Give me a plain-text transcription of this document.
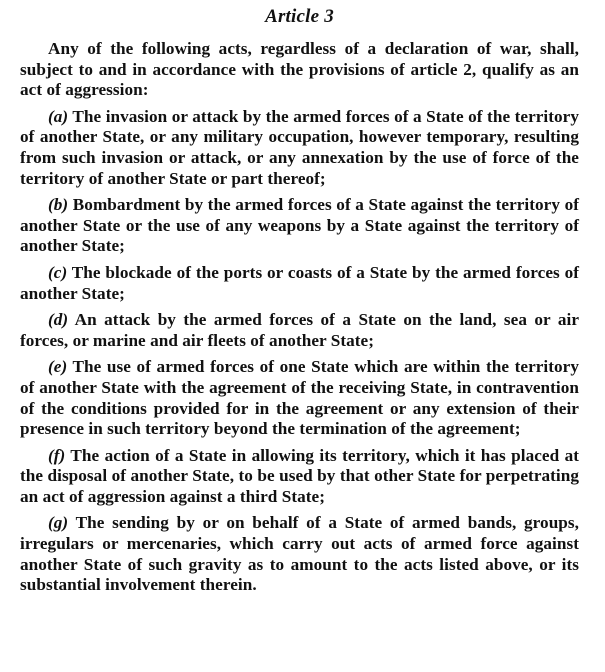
Article 3

Any of the following acts, regardless of a declaration of war, shall, subject to and in accordance with the provisions of article 2, qualify as an act of aggression:

(a) The invasion or attack by the armed forces of a State of the territory of another State, or any military occupation, however temporary, resulting from such invasion or attack, or any annexation by the use of force of the territory of another State or part thereof;

(b) Bombardment by the armed forces of a State against the territory of another State or the use of any weapons by a State against the territory of another State;

(c) The blockade of the ports or coasts of a State by the armed forces of another State;

(d) An attack by the armed forces of a State on the land, sea or air forces, or marine and air fleets of another State;

(e) The use of armed forces of one State which are within the territory of another State with the agreement of the receiving State, in contravention of the conditions provided for in the agreement or any extension of their presence in such territory beyond the termination of the agreement;

(f) The action of a State in allowing its territory, which it has placed at the disposal of another State, to be used by that other State for perpetrating an act of aggression against a third State;

(g) The sending by or on behalf of a State of armed bands, groups, irregulars or mercenaries, which carry out acts of armed force against another State of such gravity as to amount to the acts listed above, or its substantial involvement therein.
